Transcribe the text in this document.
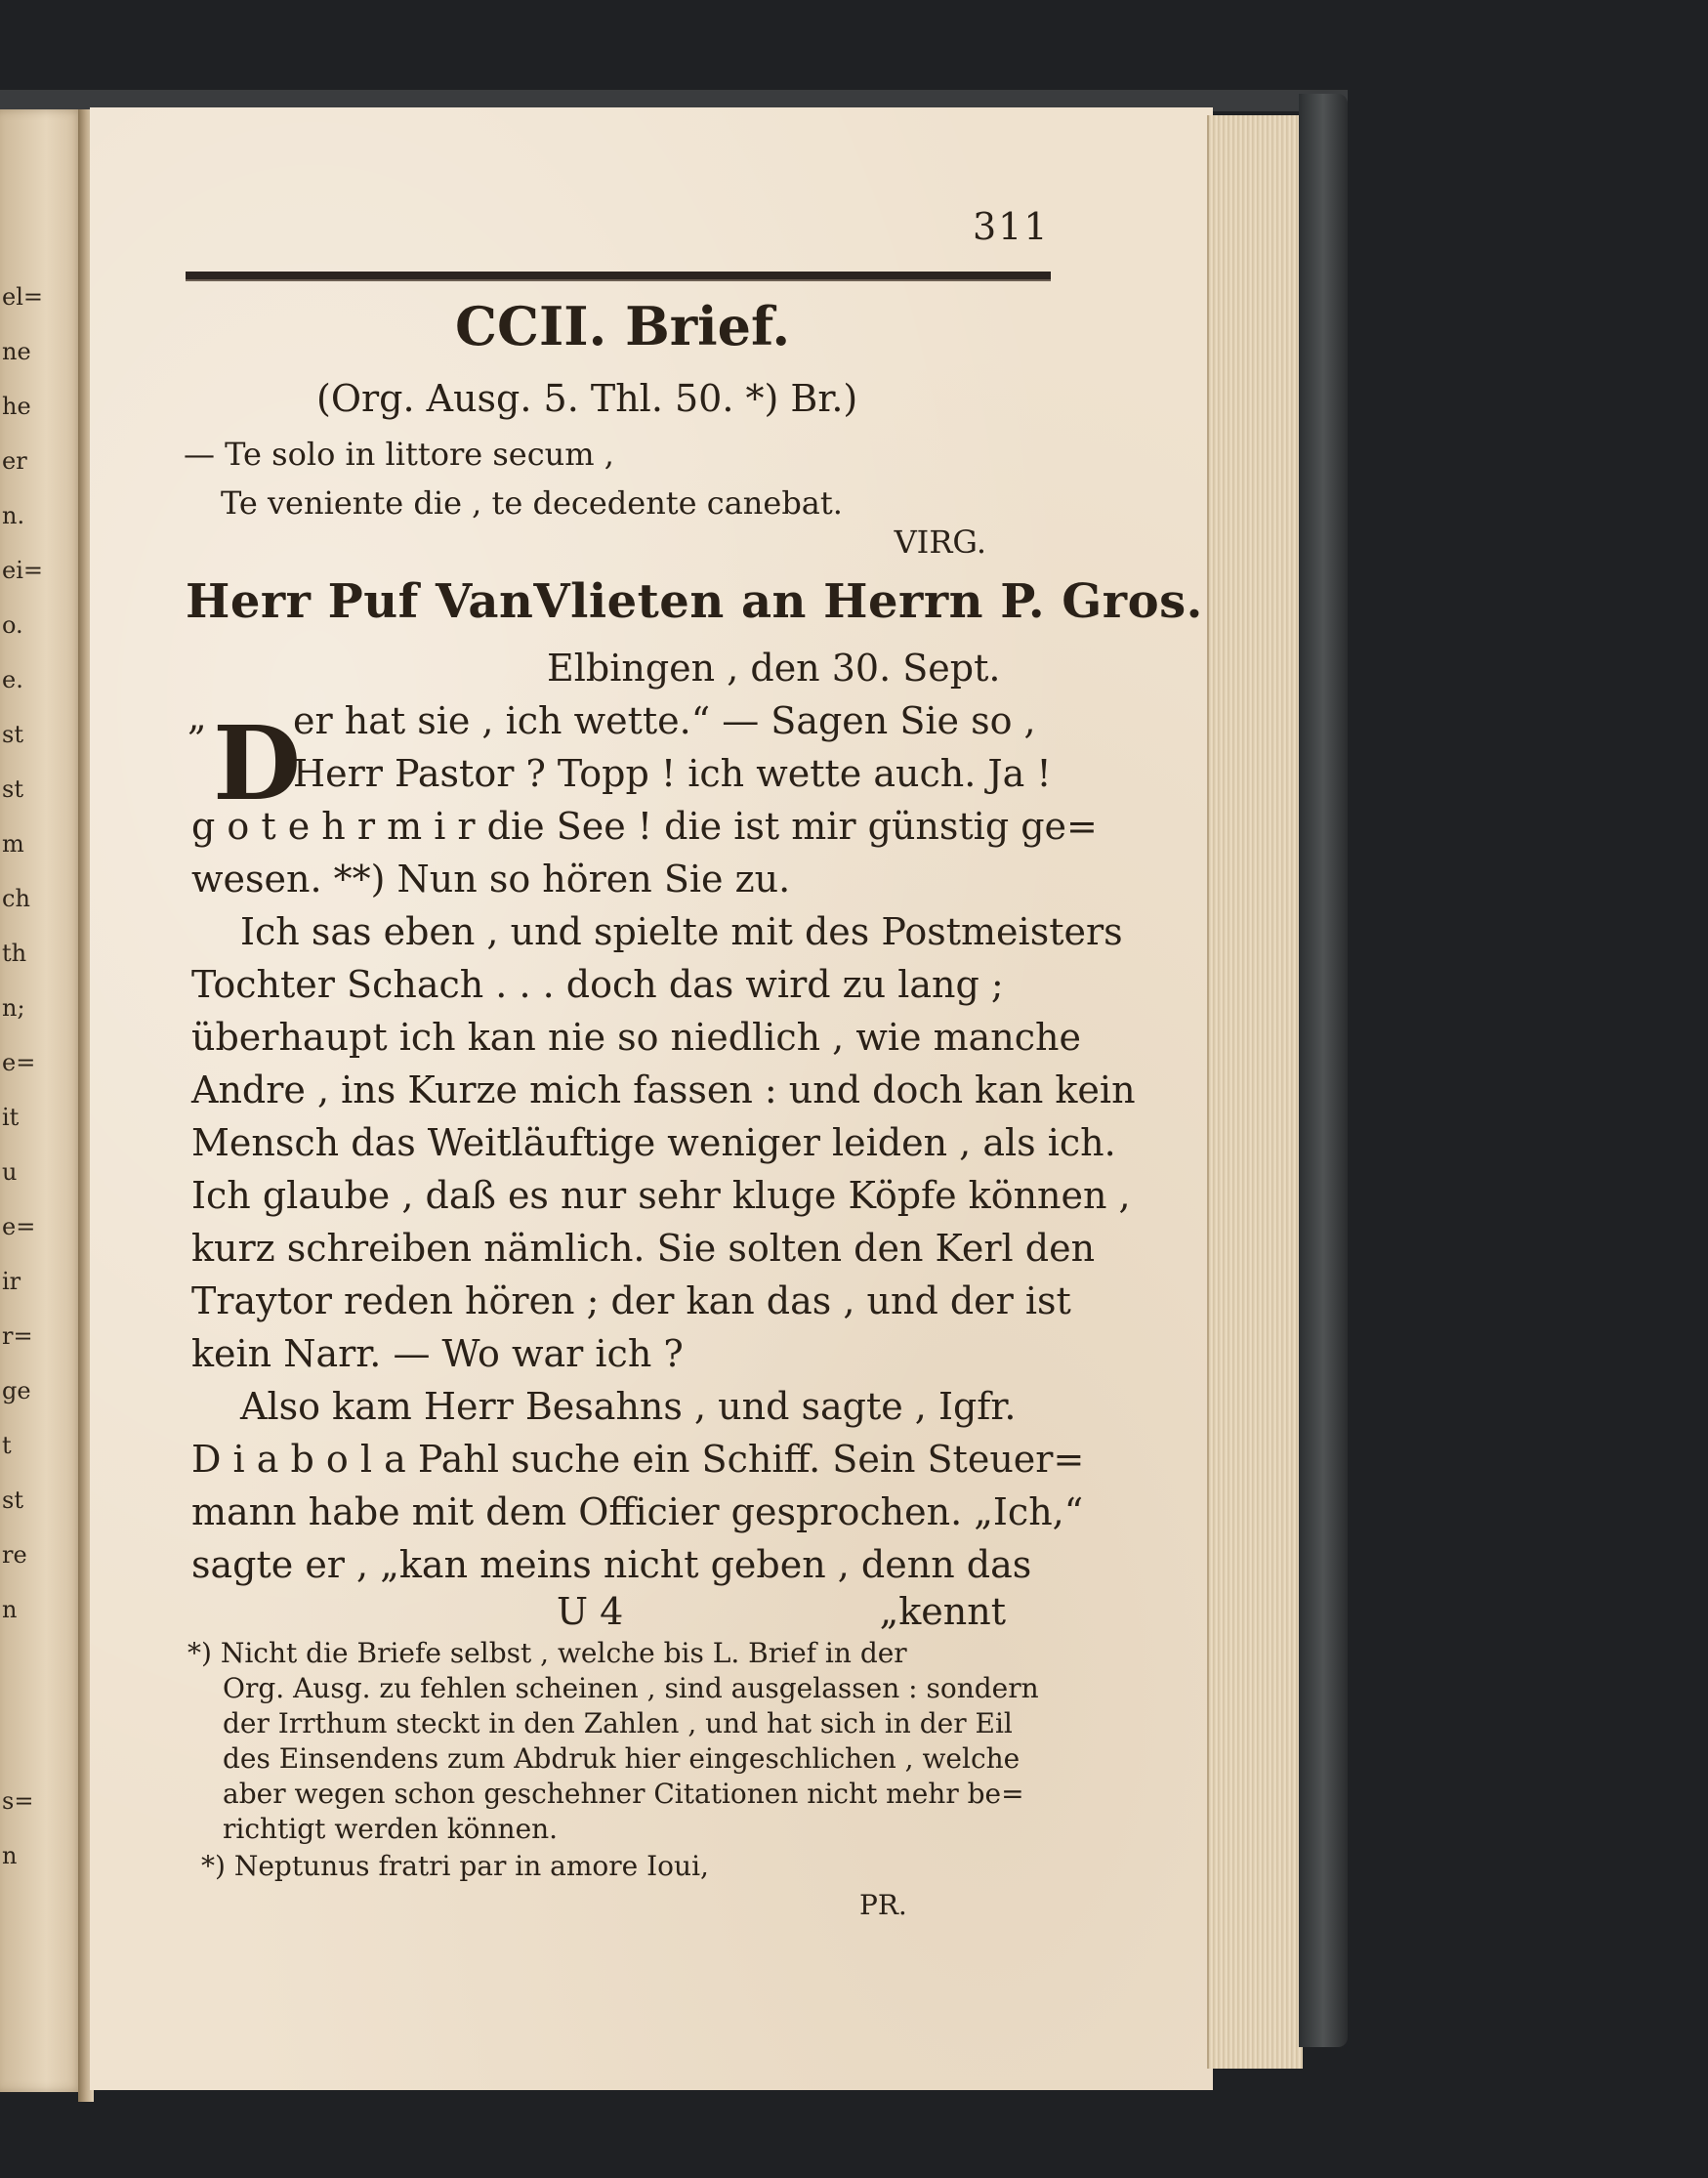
el=
ne
he
er
n.
ei=
o.
e.
st
st
m
ch
th
n;
e=
it
u
e=
ir
r=
ge
t
st
re
n
s=
n
311
CCII. Brief.
(Org. Ausg. 5. Thl. 50. *) Br.)
— Te solo in littore secum ,
Te veniente die , te decedente canebat.
VIRG.
Herr Puf VanVlieten an Herrn P. Gros.
Elbingen , den 30. Sept.
„ D
er hat sie , ich wette.“ — Sagen Sie so ,
Herr Pastor ? Topp ! ich wette auch. Ja !
g o t e h r m i r die See ! die ist mir günstig ge=
wesen. **) Nun so hören Sie zu.
Ich sas eben , und spielte mit des Postmeisters
Tochter Schach . . . doch das wird zu lang ;
überhaupt ich kan nie so niedlich , wie manche
Andre , ins Kurze mich fassen : und doch kan kein
Mensch das Weitläuftige weniger leiden , als ich.
Ich glaube , daß es nur sehr kluge Köpfe können ,
kurz schreiben nämlich. Sie solten den Kerl den
Traytor reden hören ; der kan das , und der ist
kein Narr. — Wo war ich ?
Also kam Herr Besahns , und sagte , Igfr.
D i a b o l a Pahl suche ein Schiff. Sein Steuer=
mann habe mit dem Officier gesprochen. „Ich,“
sagte er , „kan meins nicht geben , denn das
U 4	„kennt
*) Nicht die Briefe selbst , welche bis L. Brief in der
Org. Ausg. zu fehlen scheinen , sind ausgelassen : sondern
der Irrthum steckt in den Zahlen , und hat sich in der Eil
des Einsendens zum Abdruk hier eingeschlichen , welche
aber wegen schon geschehner Citationen nicht mehr be=
richtigt werden können.
*) Neptunus fratri par in amore Ioui,
PR.
